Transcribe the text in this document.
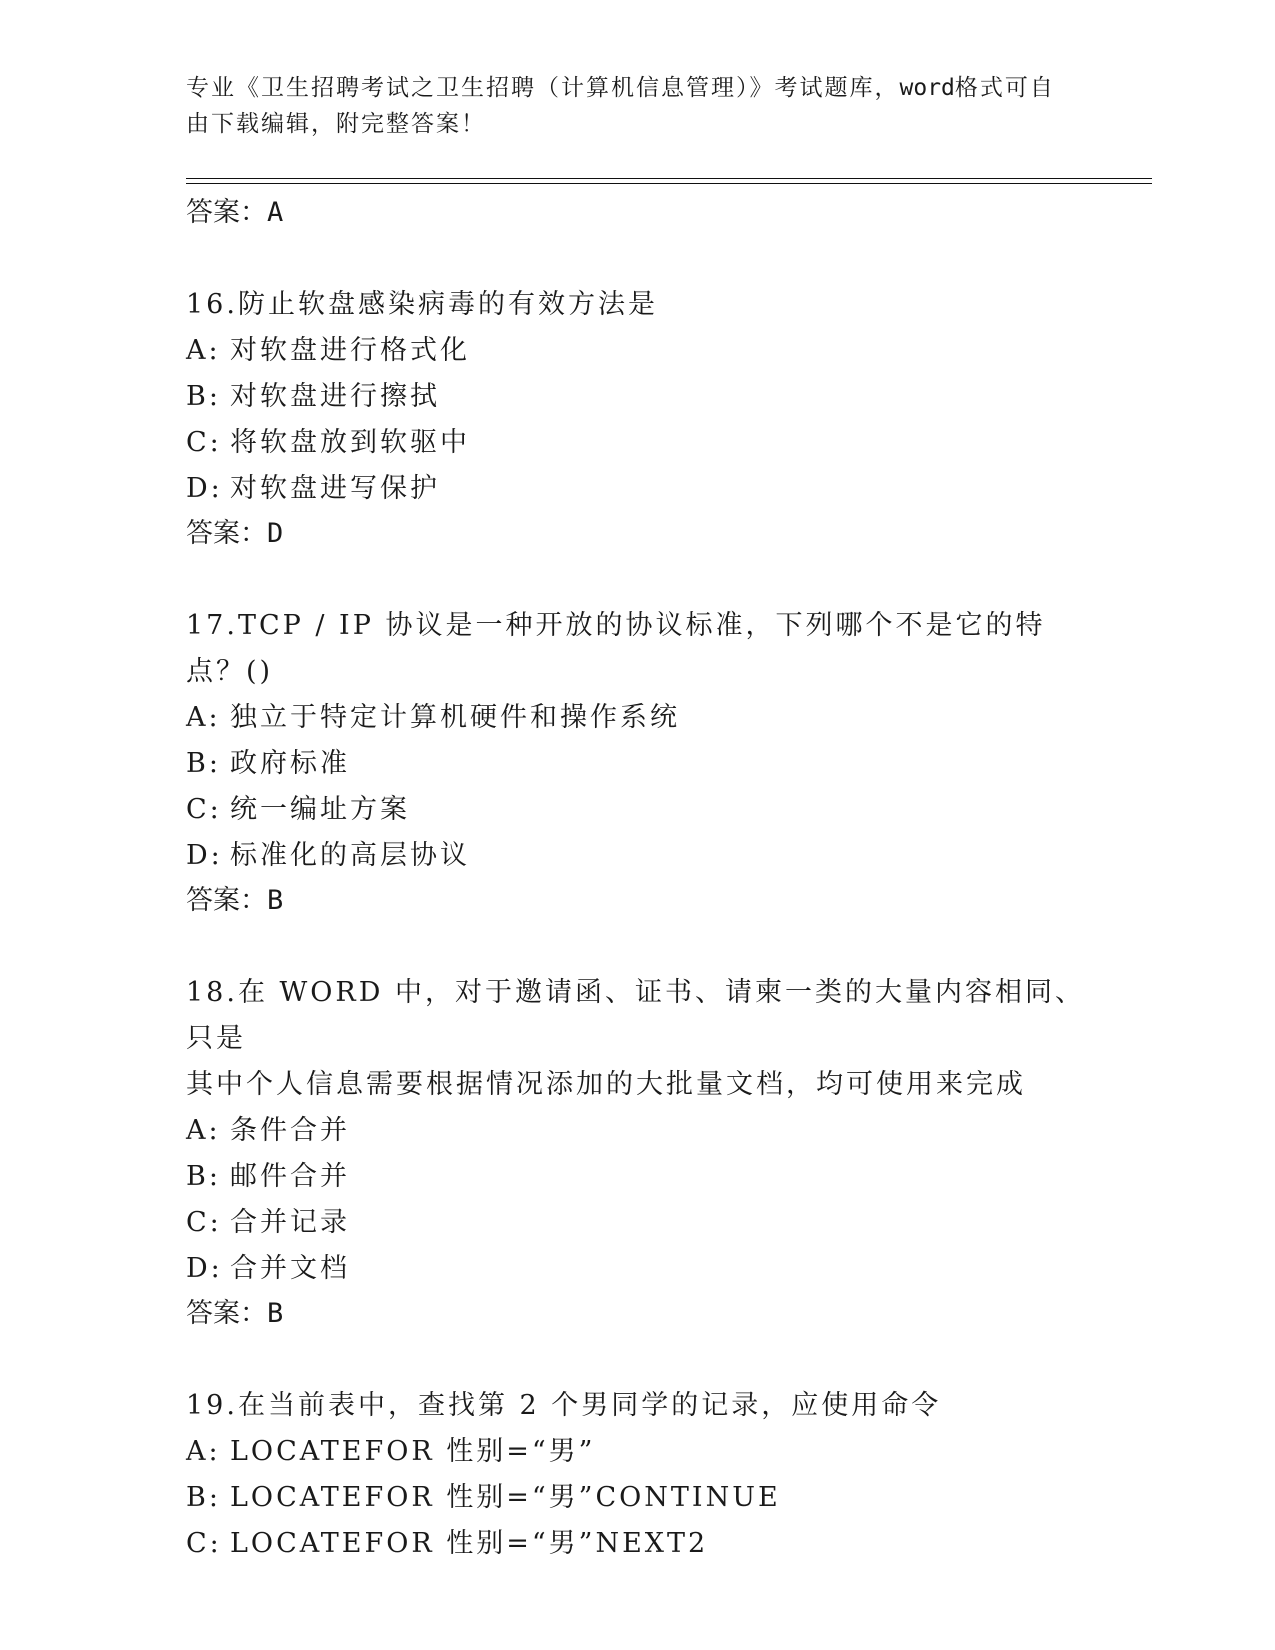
专业《卫生招聘考试之卫生招聘（计算机信息管理）》考试题库，word格式可自
由下载编辑，附完整答案！
答案：A
16.防止软盘感染病毒的有效方法是
A: 对软盘进行格式化
B: 对软盘进行擦拭
C: 将软盘放到软驱中
D: 对软盘进写保护
答案：D
17.TCP / IP 协议是一种开放的协议标准，下列哪个不是它的特点？()
A: 独立于特定计算机硬件和操作系统
B: 政府标准
C: 统一编址方案
D: 标准化的高层协议
答案：B
18.在 WORD 中，对于邀请函、证书、请柬一类的大量内容相同、只是
其中个人信息需要根据情况添加的大批量文档，均可使用来完成
A: 条件合并
B: 邮件合并
C: 合并记录
D: 合并文档
答案：B
19.在当前表中，查找第 2 个男同学的记录，应使用命令
A: LOCATEFOR 性别=“男”
B: LOCATEFOR 性别=“男”CONTINUE
C: LOCATEFOR 性别=“男”NEXT2
